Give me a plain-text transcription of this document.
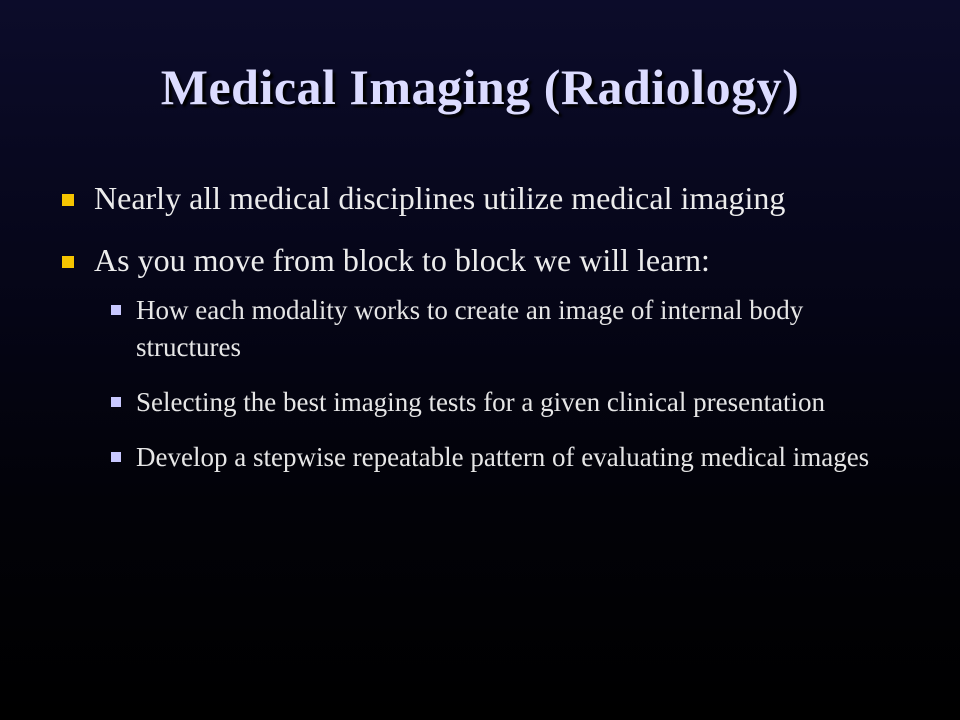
Medical Imaging (Radiology)
Nearly all medical disciplines utilize medical imaging
As you move from block to block we will learn:
How each modality works to create an image of internal body structures
Selecting the best imaging tests for a given clinical presentation
Develop a stepwise repeatable pattern of evaluating medical images
